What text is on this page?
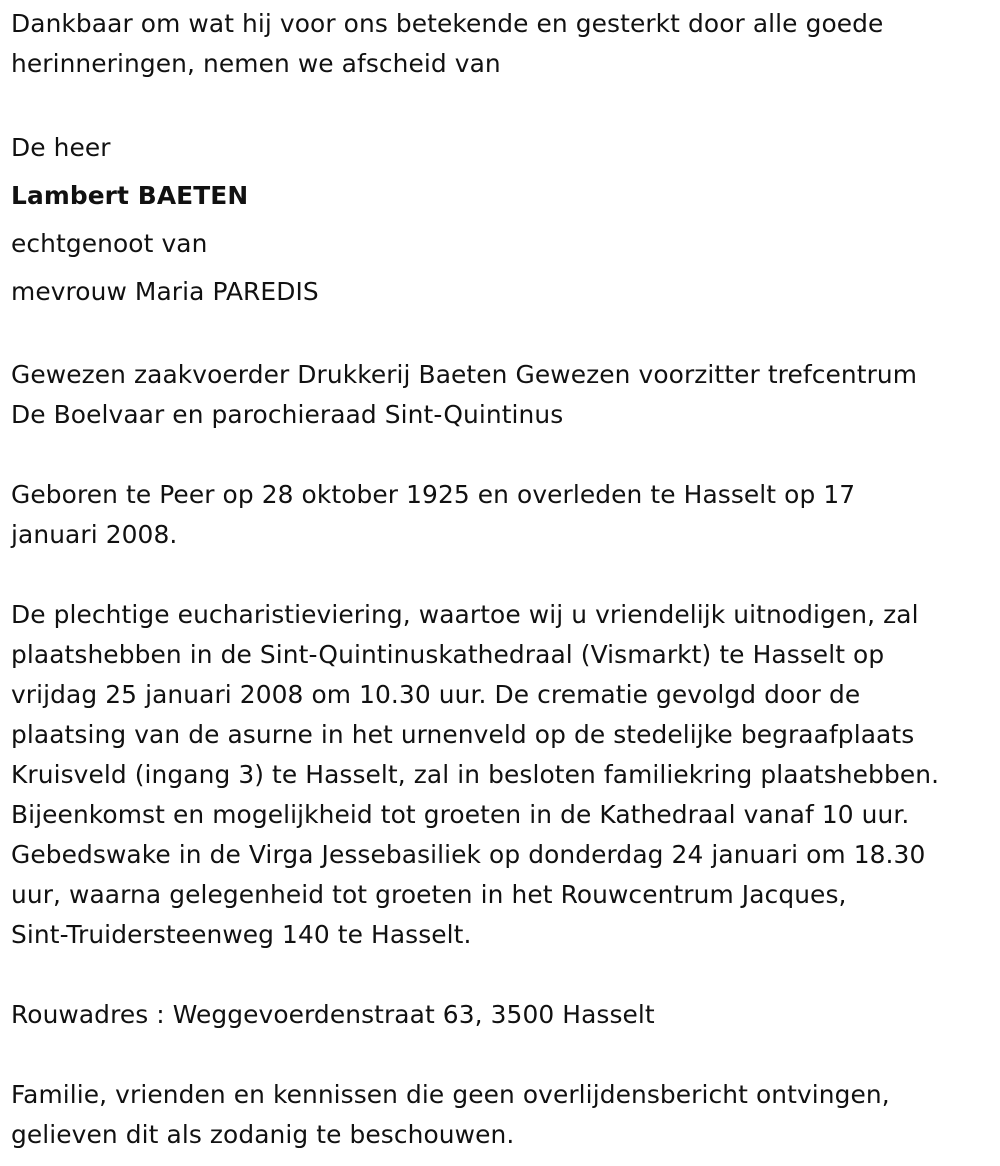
Dankbaar om wat hij voor ons betekende en gesterkt door alle goede
herinneringen, nemen we afscheid van
De heer
Lambert BAETEN
echtgenoot van
mevrouw Maria PAREDIS
Gewezen zaakvoerder Drukkerij Baeten Gewezen voorzitter trefcentrum
De Boelvaar en parochieraad Sint-Quintinus
Geboren te Peer op 28 oktober 1925 en overleden te Hasselt op 17
januari 2008.
De plechtige eucharistieviering, waartoe wij u vriendelijk uitnodigen, zal
plaatshebben in de Sint-Quintinuskathedraal (Vismarkt) te Hasselt op
vrijdag 25 januari 2008 om 10.30 uur. De crematie gevolgd door de
plaatsing van de asurne in het urnenveld op de stedelijke begraafplaats
Kruisveld (ingang 3) te Hasselt, zal in besloten familiekring plaatshebben.
Bijeenkomst en mogelijkheid tot groeten in de Kathedraal vanaf 10 uur.
Gebedswake in de Virga Jessebasiliek op donderdag 24 januari om 18.30
uur, waarna gelegenheid tot groeten in het Rouwcentrum Jacques,
Sint-Truidersteenweg 140 te Hasselt.
Rouwadres : Weggevoerdenstraat 63, 3500 Hasselt
Familie, vrienden en kennissen die geen overlijdensbericht ontvingen,
gelieven dit als zodanig te beschouwen.
